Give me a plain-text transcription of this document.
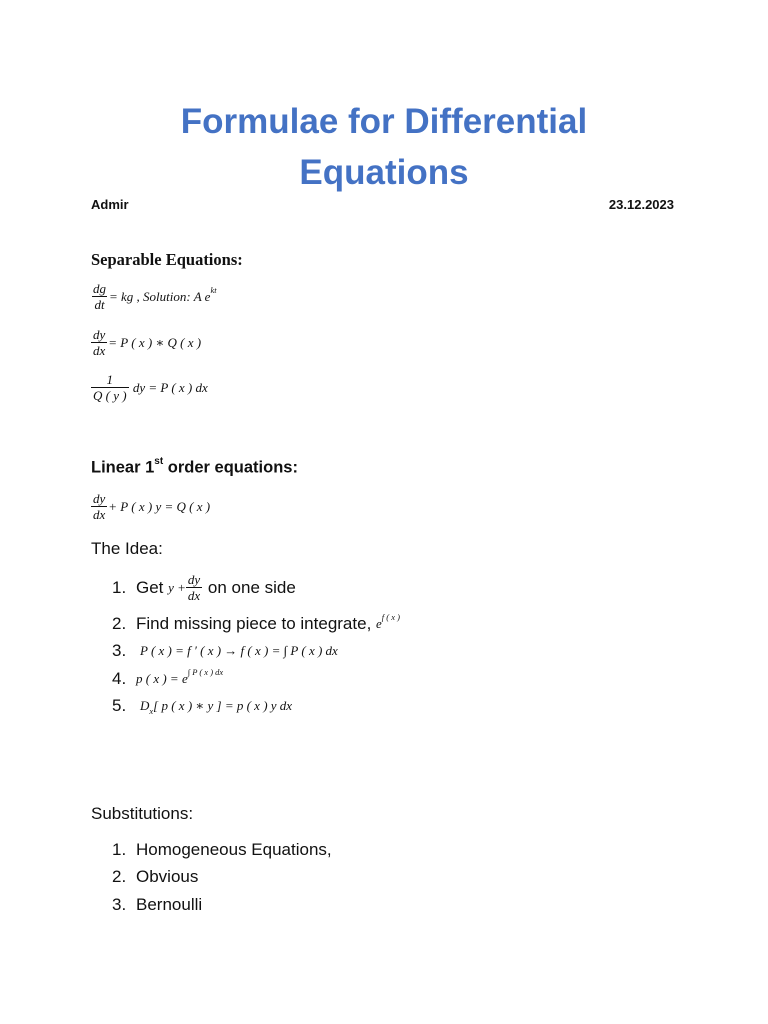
Formulae for Differential Equations
Admir	23.12.2023
Separable Equations:
$\frac{dg}{dt}$ = kg , Solution: A e kt
$\frac{dy}{dx} = P$ ( x ) ∗ Q ( x )
$\frac{1}{Q ( y )}$ dy = P ( x ) dx
Linear 1st order equations:
$\frac{dy}{dx} + P$ ( x ) y = Q ( x )
The Idea:
1. Get $y + \frac{dy}{dx}$ on one side
2. Find missing piece to integrate, e f ( x )
3.	P ( x ) = f ′ ( x ) → f ( x ) = ∫ P ( x ) dx
4. p ( x ) = e ∫ P ( x ) dx
5.	D x [ p ( x ) ∗ y ] = p ( x ) y dx
Substitutions:
1. Homogeneous Equations,
2. Obvious
3. Bernoulli
